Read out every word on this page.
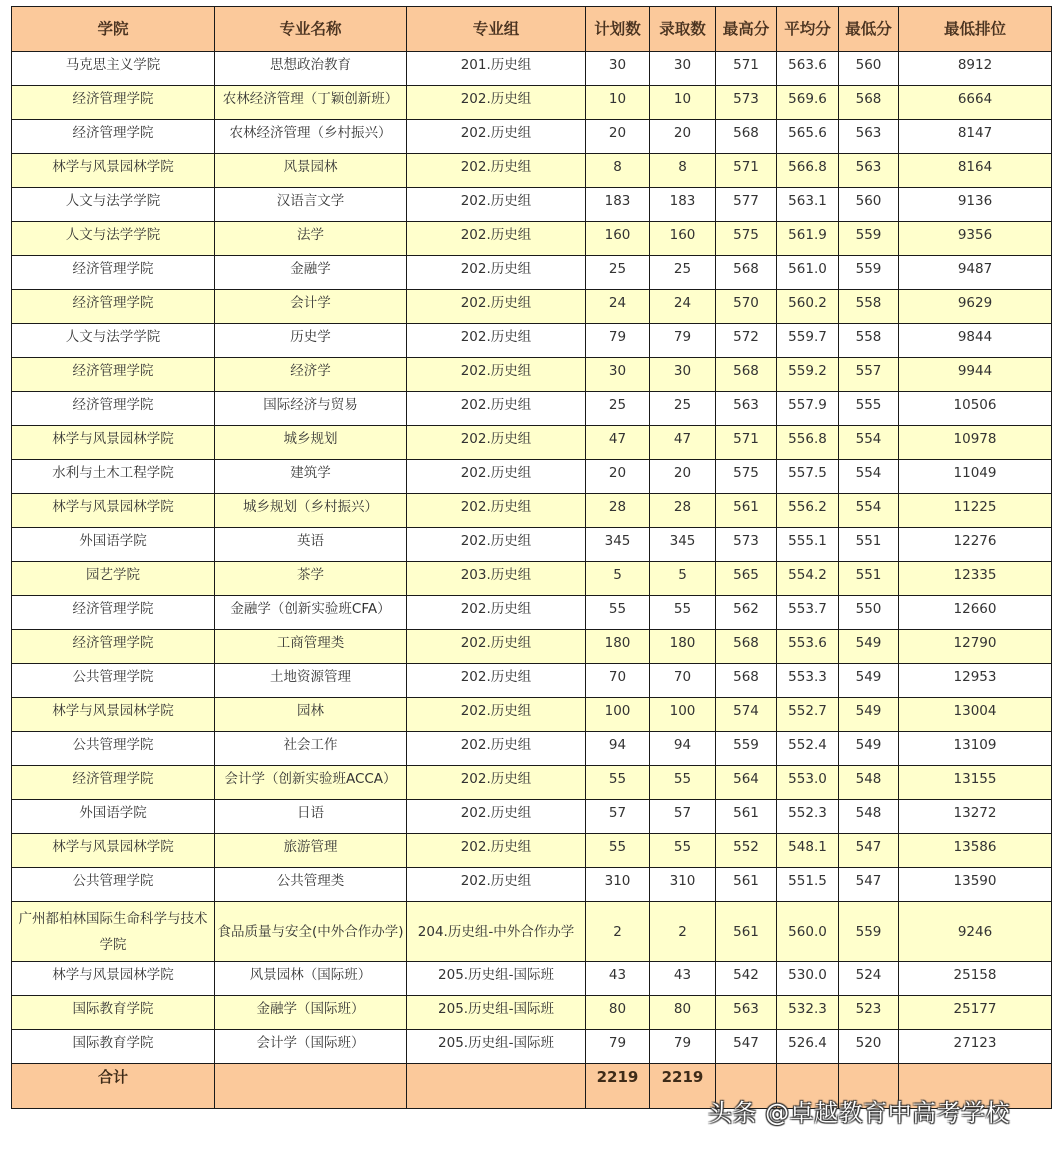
学院	专业名称	专业组	计划数	录取数	最高分	平均分	最低分	最低排位
马克思主义学院	思想政治教育	201.历史组	30	30	571	563.6	560	8912
经济管理学院	农林经济管理（丁颖创新班）	202.历史组	10	10	573	569.6	568	6664
经济管理学院	农林经济管理（乡村振兴）	202.历史组	20	20	568	565.6	563	8147
林学与风景园林学院	风景园林	202.历史组	8	8	571	566.8	563	8164
人文与法学学院	汉语言文学	202.历史组	183	183	577	563.1	560	9136
人文与法学学院	法学	202.历史组	160	160	575	561.9	559	9356
经济管理学院	金融学	202.历史组	25	25	568	561.0	559	9487
经济管理学院	会计学	202.历史组	24	24	570	560.2	558	9629
人文与法学学院	历史学	202.历史组	79	79	572	559.7	558	9844
经济管理学院	经济学	202.历史组	30	30	568	559.2	557	9944
经济管理学院	国际经济与贸易	202.历史组	25	25	563	557.9	555	10506
林学与风景园林学院	城乡规划	202.历史组	47	47	571	556.8	554	10978
水利与土木工程学院	建筑学	202.历史组	20	20	575	557.5	554	11049
林学与风景园林学院	城乡规划（乡村振兴）	202.历史组	28	28	561	556.2	554	11225
外国语学院	英语	202.历史组	345	345	573	555.1	551	12276
园艺学院	茶学	203.历史组	5	5	565	554.2	551	12335
经济管理学院	金融学（创新实验班CFA）	202.历史组	55	55	562	553.7	550	12660
经济管理学院	工商管理类	202.历史组	180	180	568	553.6	549	12790
公共管理学院	土地资源管理	202.历史组	70	70	568	553.3	549	12953
林学与风景园林学院	园林	202.历史组	100	100	574	552.7	549	13004
公共管理学院	社会工作	202.历史组	94	94	559	552.4	549	13109
经济管理学院	会计学（创新实验班ACCA）	202.历史组	55	55	564	553.0	548	13155
外国语学院	日语	202.历史组	57	57	561	552.3	548	13272
林学与风景园林学院	旅游管理	202.历史组	55	55	552	548.1	547	13586
公共管理学院	公共管理类	202.历史组	310	310	561	551.5	547	13590
广州都柏林国际生命科学与技术学院	食品质量与安全(中外合作办学)	204.历史组-中外合作办学	2	2	561	560.0	559	9246
林学与风景园林学院	风景园林（国际班）	205.历史组-国际班	43	43	542	530.0	524	25158
国际教育学院	金融学（国际班）	205.历史组-国际班	80	80	563	532.3	523	25177
国际教育学院	会计学（国际班）	205.历史组-国际班	79	79	547	526.4	520	27123
合计			2219	2219				
头条 @卓越教育中高考学校
